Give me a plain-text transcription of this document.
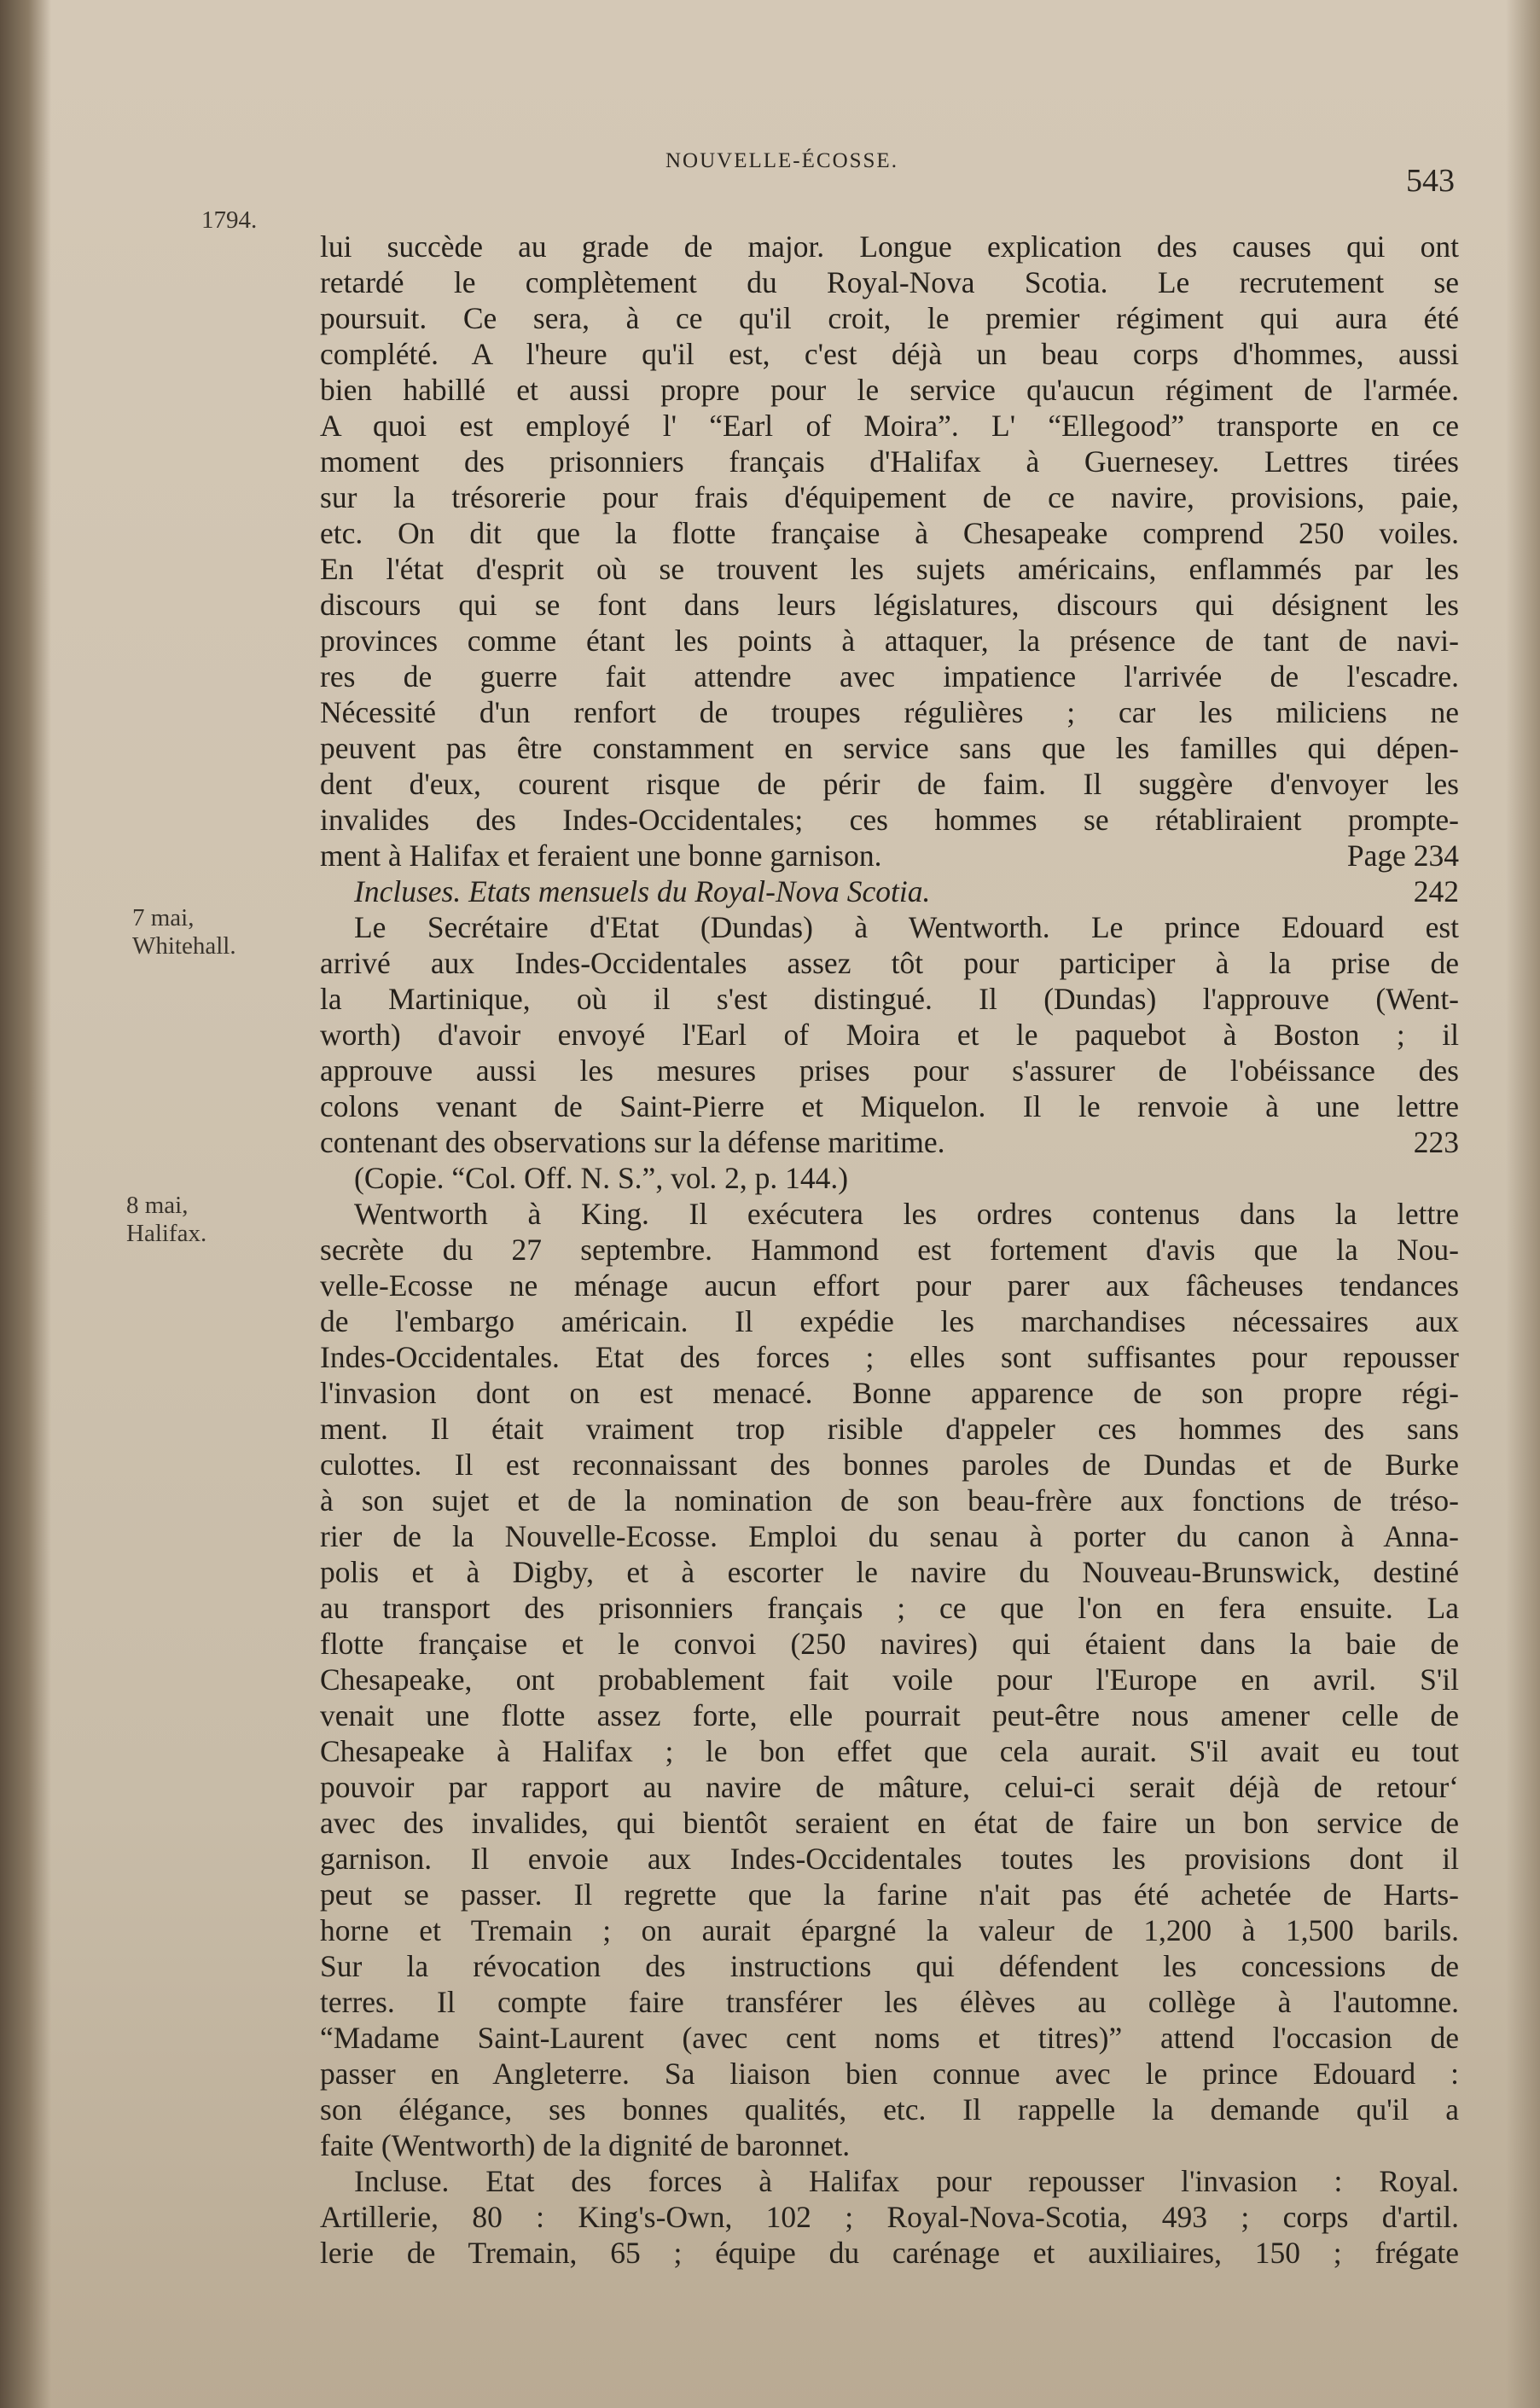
NOUVELLE-ÉCOSSE.
543
1794.
7 mai,
Whitehall.
8 mai,
Halifax.
lui succède au grade de major. Longue explication des causes qui ont
retardé le complètement du Royal-Nova Scotia. Le recrutement se
poursuit. Ce sera, à ce qu'il croit, le premier régiment qui aura été
complété. A l'heure qu'il est, c'est déjà un beau corps d'hommes, aussi
bien habillé et aussi propre pour le service qu'aucun régiment de l'armée.
A quoi est employé l' “Earl of Moira”. L' “Ellegood” transporte en ce
moment des prisonniers français d'Halifax à Guernesey. Lettres tirées
sur la trésorerie pour frais d'équipement de ce navire, provisions, paie,
etc. On dit que la flotte française à Chesapeake comprend 250 voiles.
En l'état d'esprit où se trouvent les sujets américains, enflammés par les
discours qui se font dans leurs législatures, discours qui désignent les
provinces comme étant les points à attaquer, la présence de tant de navi-
res de guerre fait attendre avec impatience l'arrivée de l'escadre.
Nécessité d'un renfort de troupes régulières ; car les miliciens ne
peuvent pas être constamment en service sans que les familles qui dépen-
dent d'eux, courent risque de périr de faim. Il suggère d'envoyer les
invalides des Indes-Occidentales; ces hommes se rétabliraient prompte-
ment à Halifax et feraient une bonne garnison.	Page 234
Incluses. Etats mensuels du Royal-Nova Scotia.	242
Le Secrétaire d'Etat (Dundas) à Wentworth. Le prince Edouard est
arrivé aux Indes-Occidentales assez tôt pour participer à la prise de
la Martinique, où il s'est distingué. Il (Dundas) l'approuve (Went-
worth) d'avoir envoyé l'Earl of Moira et le paquebot à Boston ; il
approuve aussi les mesures prises pour s'assurer de l'obéissance des
colons venant de Saint-Pierre et Miquelon. Il le renvoie à une lettre
contenant des observations sur la défense maritime.	223
(Copie. “Col. Off. N. S.”, vol. 2, p. 144.)
Wentworth à King. Il exécutera les ordres contenus dans la lettre
secrète du 27 septembre. Hammond est fortement d'avis que la Nou-
velle-Ecosse ne ménage aucun effort pour parer aux fâcheuses tendances
de l'embargo américain. Il expédie les marchandises nécessaires aux
Indes-Occidentales. Etat des forces ; elles sont suffisantes pour repousser
l'invasion dont on est menacé. Bonne apparence de son propre régi-
ment. Il était vraiment trop risible d'appeler ces hommes des sans
culottes. Il est reconnaissant des bonnes paroles de Dundas et de Burke
à son sujet et de la nomination de son beau-frère aux fonctions de tréso-
rier de la Nouvelle-Ecosse. Emploi du senau à porter du canon à Anna-
polis et à Digby, et à escorter le navire du Nouveau-Brunswick, destiné
au transport des prisonniers français ; ce que l'on en fera ensuite. La
flotte française et le convoi (250 navires) qui étaient dans la baie de
Chesapeake, ont probablement fait voile pour l'Europe en avril. S'il
venait une flotte assez forte, elle pourrait peut-être nous amener celle de
Chesapeake à Halifax ; le bon effet que cela aurait. S'il avait eu tout
pouvoir par rapport au navire de mâture, celui-ci serait déjà de retour‘
avec des invalides, qui bientôt seraient en état de faire un bon service de
garnison. Il envoie aux Indes-Occidentales toutes les provisions dont il
peut se passer. Il regrette que la farine n'ait pas été achetée de Harts-
horne et Tremain ; on aurait épargné la valeur de 1,200 à 1,500 barils.
Sur la révocation des instructions qui défendent les concessions de
terres. Il compte faire transférer les élèves au collège à l'automne.
“Madame Saint-Laurent (avec cent noms et titres)” attend l'occasion de
passer en Angleterre. Sa liaison bien connue avec le prince Edouard :
son élégance, ses bonnes qualités, etc. Il rappelle la demande qu'il a
faite (Wentworth) de la dignité de baronnet.
Incluse. Etat des forces à Halifax pour repousser l'invasion : Royal.
Artillerie, 80 : King's-Own, 102 ; Royal-Nova-Scotia, 493 ; corps d'artil.
lerie de Tremain, 65 ; équipe du carénage et auxiliaires, 150 ; frégate
